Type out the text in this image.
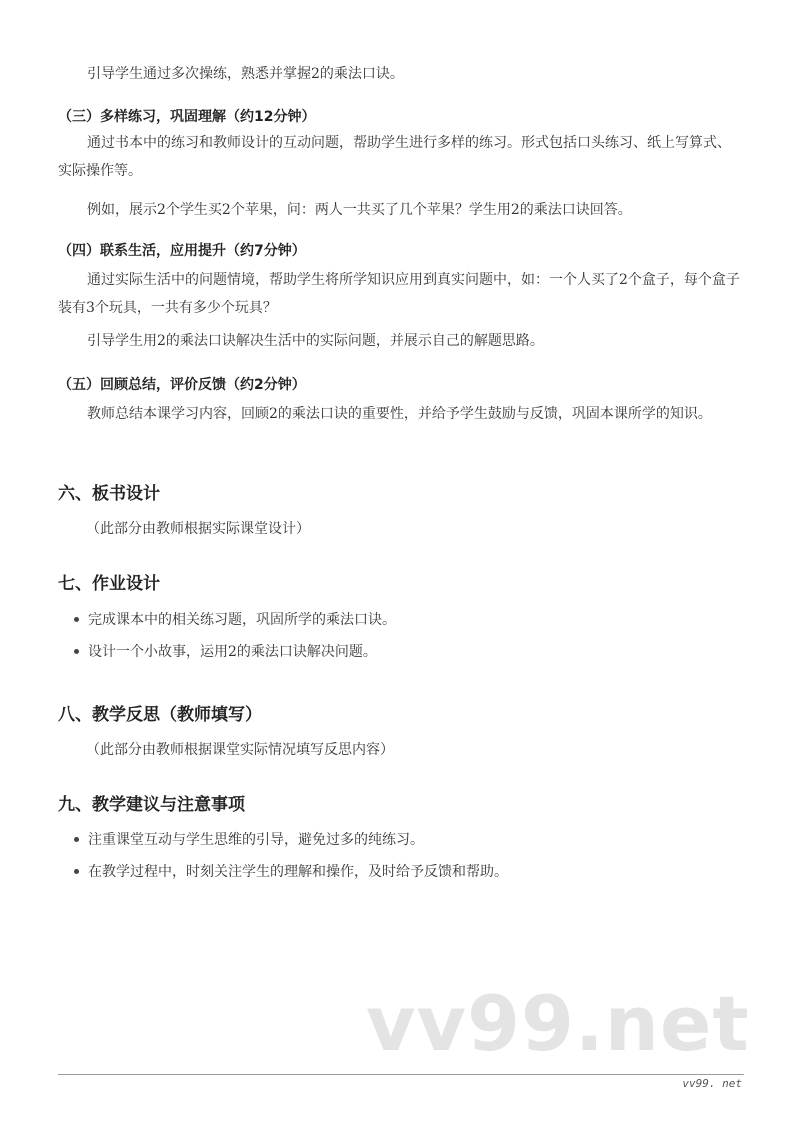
引导学生通过多次操练，熟悉并掌握2的乘法口诀。

（三）多样练习，巩固理解（约12分钟）

通过书本中的练习和教师设计的互动问题，帮助学生进行多样的练习。形式包括口头练习、纸上写算式、实际操作等。

例如，展示2个学生买2个苹果，问：两人一共买了几个苹果？学生用2的乘法口诀回答。

（四）联系生活，应用提升（约7分钟）

通过实际生活中的问题情境，帮助学生将所学知识应用到真实问题中，如：一个人买了2个盒子，每个盒子装有3个玩具，一共有多少个玩具？

引导学生用2的乘法口诀解决生活中的实际问题，并展示自己的解题思路。

（五）回顾总结，评价反馈（约2分钟）

教师总结本课学习内容，回顾2的乘法口诀的重要性，并给予学生鼓励与反馈，巩固本课所学的知识。

六、板书设计

（此部分由教师根据实际课堂设计）

七、作业设计

完成课本中的相关练习题，巩固所学的乘法口诀。

设计一个小故事，运用2的乘法口诀解决问题。

八、教学反思（教师填写）

（此部分由教师根据课堂实际情况填写反思内容）

九、教学建议与注意事项

注重课堂互动与学生思维的引导，避免过多的纯练习。

在教学过程中，时刻关注学生的理解和操作，及时给予反馈和帮助。

vv99.net
vv99. net
